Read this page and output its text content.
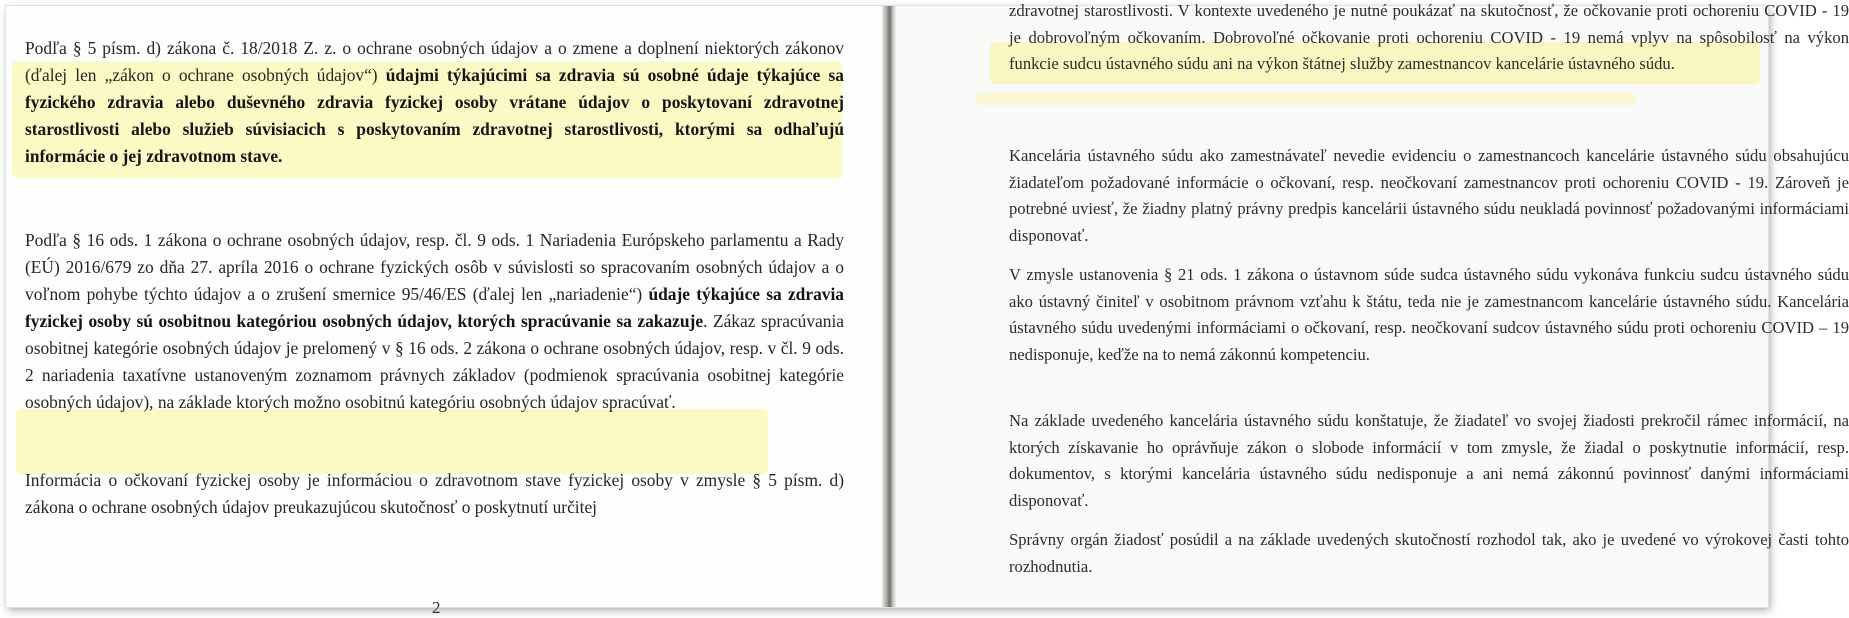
Podľa § 5 písm. d) zákona č. 18/2018 Z. z. o ochrane osobných údajov a o zmene a doplnení niektorých zákonov (ďalej len „zákon o ochrane osobných údajov“) údajmi týkajúcimi sa zdravia sú osobné údaje týkajúce sa fyzického zdravia alebo duševného zdravia fyzickej osoby vrátane údajov o poskytovaní zdravotnej starostlivosti alebo služieb súvisiacich s poskytovaním zdravotnej starostlivosti, ktorými sa odhaľujú informácie o jej zdravotnom stave.

Podľa § 16 ods. 1 zákona o ochrane osobných údajov, resp. čl. 9 ods. 1 Nariadenia Európskeho parlamentu a Rady (EÚ) 2016/679 zo dňa 27. apríla 2016 o ochrane fyzických osôb v súvislosti so spracovaním osobných údajov a o voľnom pohybe týchto údajov a o zrušení smernice 95/46/ES (ďalej len „nariadenie“) údaje týkajúce sa zdravia fyzickej osoby sú osobitnou kategóriou osobných údajov, ktorých spracúvanie sa zakazuje. Zákaz spracúvania osobitnej kategórie osobných údajov je prelomený v § 16 ods. 2 zákona o ochrane osobných údajov, resp. v čl. 9 ods. 2 nariadenia taxatívne ustanoveným zoznamom právnych základov (podmienok spracúvania osobitnej kategórie osobných údajov), na základe ktorých možno osobitnú kategóriu osobných údajov spracúvať.

Informácia o očkovaní fyzickej osoby je informáciou o zdravotnom stave fyzickej osoby v zmysle § 5 písm. d) zákona o ochrane osobných údajov preukazujúcou skutočnosť o poskytnutí určitej

2

zdravotnej starostlivosti. V kontexte uvedeného je nutné poukázať na skutočnosť, že očkovanie proti ochoreniu COVID - 19 je dobrovoľným očkovaním. Dobrovoľné očkovanie proti ochoreniu COVID - 19 nemá vplyv na spôsobilosť na výkon funkcie sudcu ústavného súdu ani na výkon štátnej služby zamestnancov kancelárie ústavného súdu.

Kancelária ústavného súdu ako zamestnávateľ nevedie evidenciu o zamestnancoch kancelárie ústavného súdu obsahujúcu žiadateľom požadované informácie o očkovaní, resp. neočkovaní zamestnancov proti ochoreniu COVID - 19. Zároveň je potrebné uviesť, že žiadny platný právny predpis kancelárii ústavného súdu neukladá povinnosť požadovanými informáciami disponovať.

V zmysle ustanovenia § 21 ods. 1 zákona o ústavnom súde sudca ústavného súdu vykonáva funkciu sudcu ústavného súdu ako ústavný činiteľ v osobitnom právnom vzťahu k štátu, teda nie je zamestnancom kancelárie ústavného súdu. Kancelária ústavného súdu uvedenými informáciami o očkovaní, resp. neočkovaní sudcov ústavného súdu proti ochoreniu COVID – 19 nedisponuje, keďže na to nemá zákonnú kompetenciu.

Na základe uvedeného kancelária ústavného súdu konštatuje, že žiadateľ vo svojej žiadosti prekročil rámec informácií, na ktorých získavanie ho oprávňuje zákon o slobode informácií v tom zmysle, že žiadal o poskytnutie informácií, resp. dokumentov, s ktorými kancelária ústavného súdu nedisponuje a ani nemá zákonnú povinnosť danými informáciami disponovať.

Správny orgán žiadosť posúdil a na základe uvedených skutočností rozhodol tak, ako je uvedené vo výrokovej časti tohto rozhodnutia.
